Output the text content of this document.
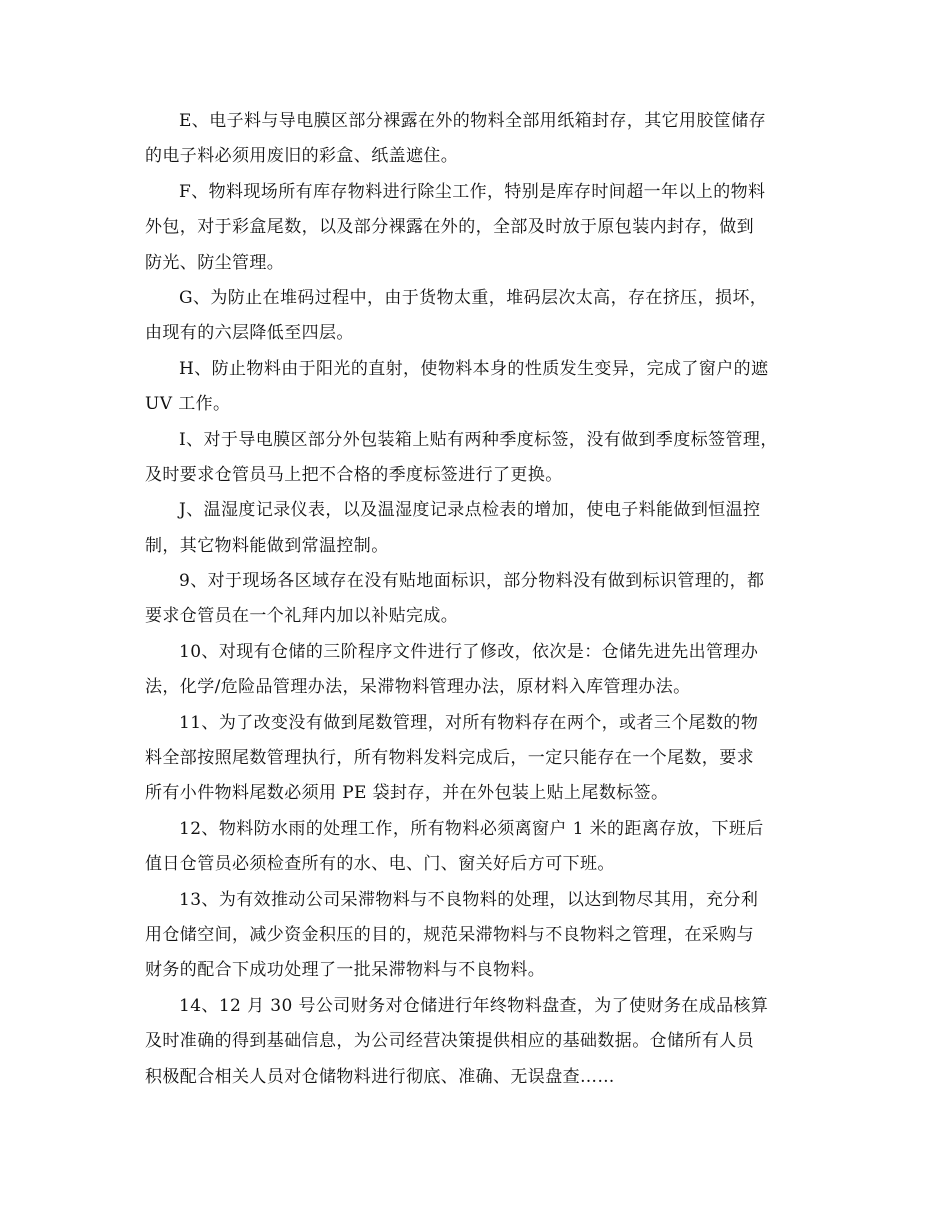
E、电子料与导电膜区部分裸露在外的物料全部用纸箱封存，其它用胶筐储存
的电子料必须用废旧的彩盒、纸盖遮住。
F、物料现场所有库存物料进行除尘工作，特别是库存时间超一年以上的物料
外包，对于彩盒尾数，以及部分裸露在外的，全部及时放于原包装内封存，做到
防光、防尘管理。
G、为防止在堆码过程中，由于货物太重，堆码层次太高，存在挤压，损坏，
由现有的六层降低至四层。
H、防止物料由于阳光的直射，使物料本身的性质发生变异，完成了窗户的遮
UV 工作。
I、对于导电膜区部分外包装箱上贴有两种季度标签，没有做到季度标签管理，
及时要求仓管员马上把不合格的季度标签进行了更换。
J、温湿度记录仪表，以及温湿度记录点检表的增加，使电子料能做到恒温控
制，其它物料能做到常温控制。
9、对于现场各区域存在没有贴地面标识，部分物料没有做到标识管理的，都
要求仓管员在一个礼拜内加以补贴完成。
10、对现有仓储的三阶程序文件进行了修改，依次是：仓储先进先出管理办
法，化学/危险品管理办法，呆滞物料管理办法，原材料入库管理办法。
11、为了改变没有做到尾数管理，对所有物料存在两个，或者三个尾数的物
料全部按照尾数管理执行，所有物料发料完成后，一定只能存在一个尾数，要求
所有小件物料尾数必须用 PE 袋封存，并在外包装上贴上尾数标签。
12、物料防水雨的处理工作，所有物料必须离窗户 1 米的距离存放，下班后
值日仓管员必须检查所有的水、电、门、窗关好后方可下班。
13、为有效推动公司呆滞物料与不良物料的处理，以达到物尽其用，充分利
用仓储空间，减少资金积压的目的，规范呆滞物料与不良物料之管理，在采购与
财务的配合下成功处理了一批呆滞物料与不良物料。
14、12 月 30 号公司财务对仓储进行年终物料盘查，为了使财务在成品核算
及时准确的得到基础信息，为公司经营决策提供相应的基础数据。仓储所有人员
积极配合相关人员对仓储物料进行彻底、准确、无误盘查……
